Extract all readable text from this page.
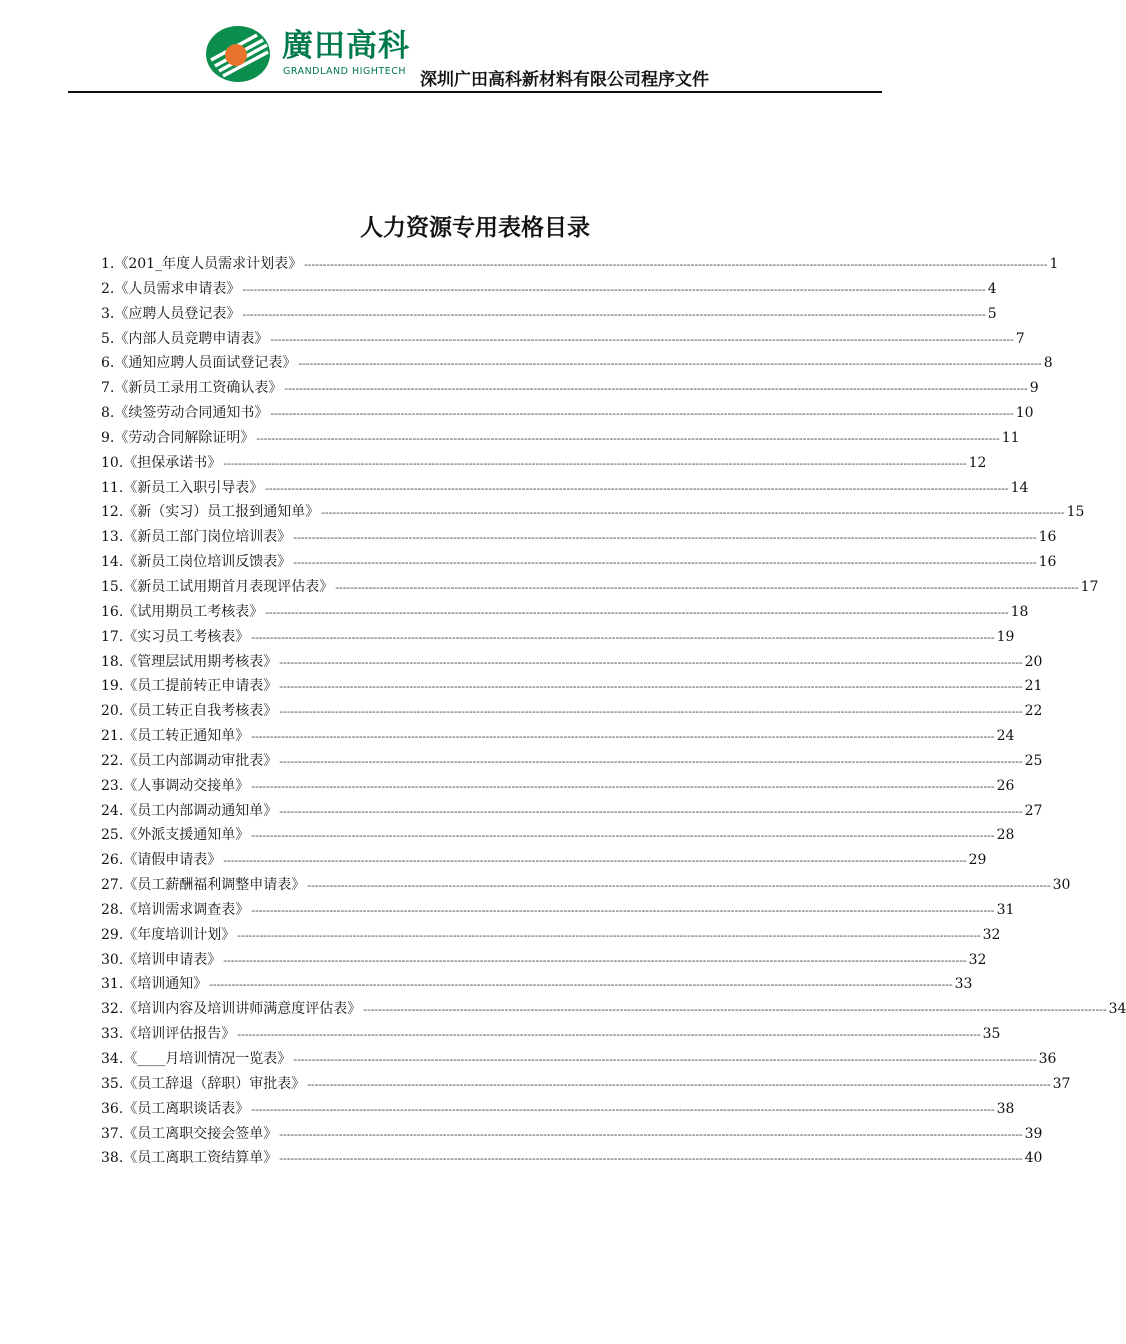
廣田高科
GRANDLAND HIGHTECH 深圳广田高科新材料有限公司程序文件
人力资源专用表格目录
1. 《201_年度人员需求计划表》 -------------------------------------------------------------------------------------------------------------------------------------------------------------------------------------------------------- 1
2. 《人员需求申请表》 -------------------------------------------------------------------------------------------------------------------------------------------------------------------------------------------------------- 4
3. 《应聘人员登记表》 -------------------------------------------------------------------------------------------------------------------------------------------------------------------------------------------------------- 5
5. 《内部人员竞聘申请表》 -------------------------------------------------------------------------------------------------------------------------------------------------------------------------------------------------------- 7
6. 《通知应聘人员面试登记表》 -------------------------------------------------------------------------------------------------------------------------------------------------------------------------------------------------------- 8
7. 《新员工录用工资确认表》 -------------------------------------------------------------------------------------------------------------------------------------------------------------------------------------------------------- 9
8. 《续签劳动合同通知书》 -------------------------------------------------------------------------------------------------------------------------------------------------------------------------------------------------------- 10
9. 《劳动合同解除证明》 -------------------------------------------------------------------------------------------------------------------------------------------------------------------------------------------------------- 11
10. 《担保承诺书》 -------------------------------------------------------------------------------------------------------------------------------------------------------------------------------------------------------- 12
11. 《新员工入职引导表》 -------------------------------------------------------------------------------------------------------------------------------------------------------------------------------------------------------- 14
12. 《新（实习）员工报到通知单》 -------------------------------------------------------------------------------------------------------------------------------------------------------------------------------------------------------- 15
13. 《新员工部门岗位培训表》 -------------------------------------------------------------------------------------------------------------------------------------------------------------------------------------------------------- 16
14. 《新员工岗位培训反馈表》 -------------------------------------------------------------------------------------------------------------------------------------------------------------------------------------------------------- 16
15. 《新员工试用期首月表现评估表》 -------------------------------------------------------------------------------------------------------------------------------------------------------------------------------------------------------- 17
16. 《试用期员工考核表》 -------------------------------------------------------------------------------------------------------------------------------------------------------------------------------------------------------- 18
17. 《实习员工考核表》 -------------------------------------------------------------------------------------------------------------------------------------------------------------------------------------------------------- 19
18. 《管理层试用期考核表》 -------------------------------------------------------------------------------------------------------------------------------------------------------------------------------------------------------- 20
19. 《员工提前转正申请表》 -------------------------------------------------------------------------------------------------------------------------------------------------------------------------------------------------------- 21
20. 《员工转正自我考核表》 -------------------------------------------------------------------------------------------------------------------------------------------------------------------------------------------------------- 22
21. 《员工转正通知单》 -------------------------------------------------------------------------------------------------------------------------------------------------------------------------------------------------------- 24
22. 《员工内部调动审批表》 -------------------------------------------------------------------------------------------------------------------------------------------------------------------------------------------------------- 25
23. 《人事调动交接单》 -------------------------------------------------------------------------------------------------------------------------------------------------------------------------------------------------------- 26
24. 《员工内部调动通知单》 -------------------------------------------------------------------------------------------------------------------------------------------------------------------------------------------------------- 27
25. 《外派支援通知单》 -------------------------------------------------------------------------------------------------------------------------------------------------------------------------------------------------------- 28
26. 《请假申请表》 -------------------------------------------------------------------------------------------------------------------------------------------------------------------------------------------------------- 29
27. 《员工薪酬福利调整申请表》 -------------------------------------------------------------------------------------------------------------------------------------------------------------------------------------------------------- 30
28. 《培训需求调查表》 -------------------------------------------------------------------------------------------------------------------------------------------------------------------------------------------------------- 31
29. 《年度培训计划》 -------------------------------------------------------------------------------------------------------------------------------------------------------------------------------------------------------- 32
30. 《培训申请表》 -------------------------------------------------------------------------------------------------------------------------------------------------------------------------------------------------------- 32
31. 《培训通知》 -------------------------------------------------------------------------------------------------------------------------------------------------------------------------------------------------------- 33
32. 《培训内容及培训讲师满意度评估表》 -------------------------------------------------------------------------------------------------------------------------------------------------------------------------------------------------------- 34
33. 《培训评估报告》 -------------------------------------------------------------------------------------------------------------------------------------------------------------------------------------------------------- 35
34. 《____月培训情况一览表》 -------------------------------------------------------------------------------------------------------------------------------------------------------------------------------------------------------- 36
35. 《员工辞退（辞职）审批表》 -------------------------------------------------------------------------------------------------------------------------------------------------------------------------------------------------------- 37
36. 《员工离职谈话表》 -------------------------------------------------------------------------------------------------------------------------------------------------------------------------------------------------------- 38
37. 《员工离职交接会签单》 -------------------------------------------------------------------------------------------------------------------------------------------------------------------------------------------------------- 39
38. 《员工离职工资结算单》 -------------------------------------------------------------------------------------------------------------------------------------------------------------------------------------------------------- 40
